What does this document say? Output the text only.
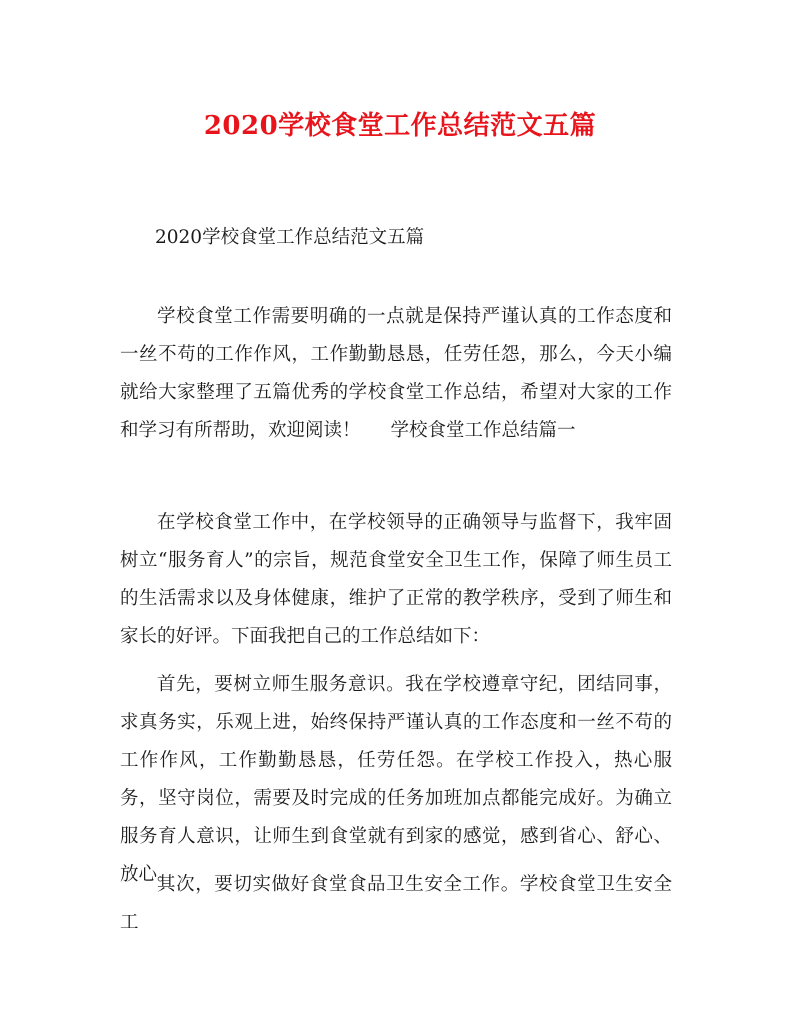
2020学校食堂工作总结范文五篇
2020学校食堂工作总结范文五篇
学校食堂工作需要明确的一点就是保持严谨认真的工作态度和一丝不苟的工作作风，工作勤勤恳恳，任劳任怨，那么，今天小编就给大家整理了五篇优秀的学校食堂工作总结，希望对大家的工作和学习有所帮助，欢迎阅读！ 学校食堂工作总结篇一
在学校食堂工作中，在学校领导的正确领导与监督下，我牢固树立“服务育人”的宗旨，规范食堂安全卫生工作，保障了师生员工的生活需求以及身体健康，维护了正常的教学秩序，受到了师生和家长的好评。下面我把自己的工作总结如下：
首先，要树立师生服务意识。我在学校遵章守纪，团结同事，求真务实，乐观上进，始终保持严谨认真的工作态度和一丝不苟的工作作风，工作勤勤恳恳，任劳任怨。在学校工作投入，热心服务，坚守岗位，需要及时完成的任务加班加点都能完成好。为确立服务育人意识，让师生到食堂就有到家的感觉，感到省心、舒心、放心。
其次，要切实做好食堂食品卫生安全工作。学校食堂卫生安全工
